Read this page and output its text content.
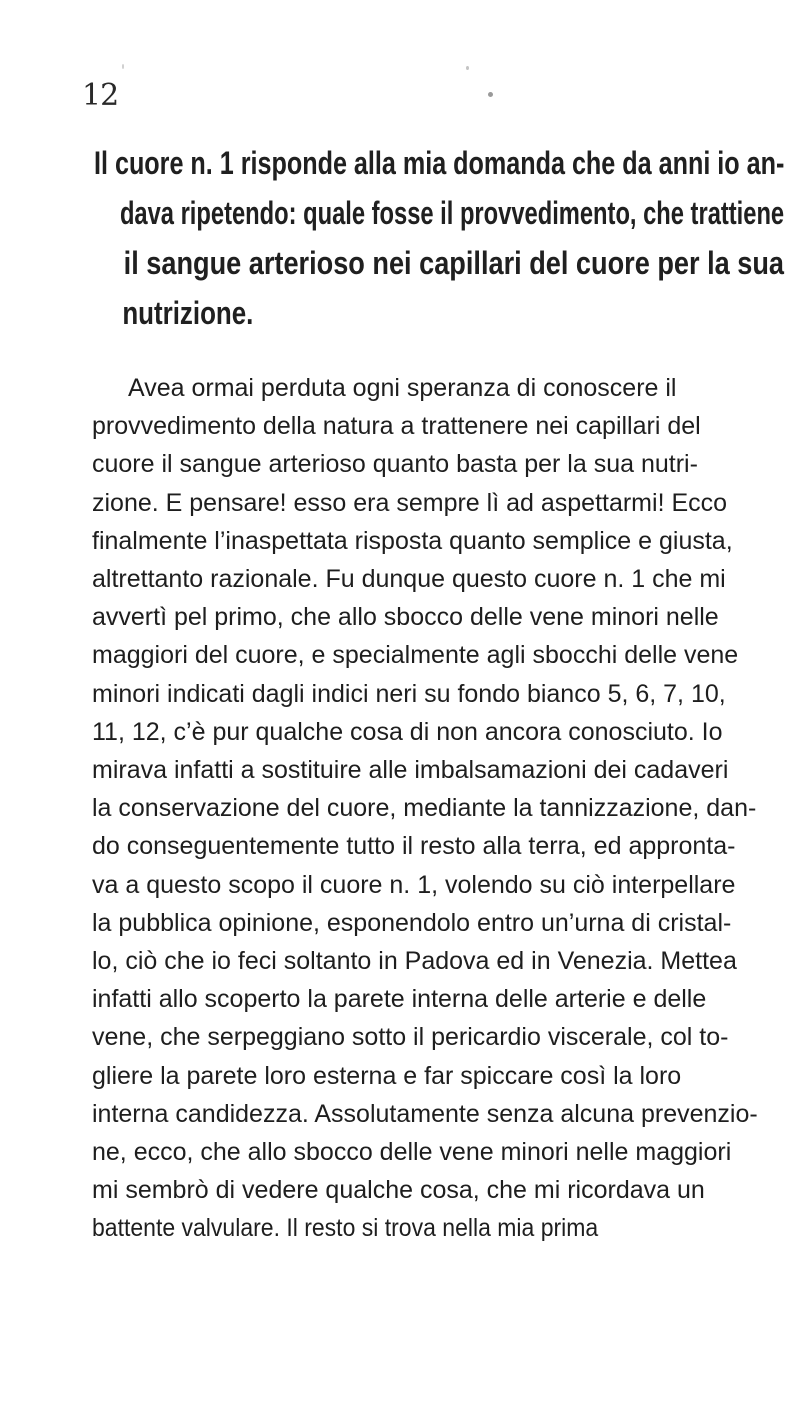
12
Il cuore n. 1 risponde alla mia domanda che da anni io an-
dava ripetendo: quale fosse il provvedimento, che trattiene
il sangue arterioso nei capillari del cuore per la sua
nutrizione.
Avea ormai perduta ogni speranza di conoscere il
provvedimento della natura a trattenere nei capillari del
cuore il sangue arterioso quanto basta per la sua nutri-
zione. E pensare! esso era sempre lì ad aspettarmi! Ecco
finalmente l’inaspettata risposta quanto semplice e giusta,
altrettanto razionale. Fu dunque questo cuore n. 1 che mi
avvertì pel primo, che allo sbocco delle vene minori nelle
maggiori del cuore, e specialmente agli sbocchi delle vene
minori indicati dagli indici neri su fondo bianco 5, 6, 7, 10,
11, 12, c’è pur qualche cosa di non ancora conosciuto. Io
mirava infatti a sostituire alle imbalsamazioni dei cadaveri
la conservazione del cuore, mediante la tannizzazione, dan-
do conseguentemente tutto il resto alla terra, ed appronta-
va a questo scopo il cuore n. 1, volendo su ciò interpellare
la pubblica opinione, esponendolo entro un’urna di cristal-
lo, ciò che io feci soltanto in Padova ed in Venezia. Mettea
infatti allo scoperto la parete interna delle arterie e delle
vene, che serpeggiano sotto il pericardio viscerale, col to-
gliere la parete loro esterna e far spiccare così la loro
interna candidezza. Assolutamente senza alcuna prevenzio-
ne, ecco, che allo sbocco delle vene minori nelle maggiori
mi sembrò di vedere qualche cosa, che mi ricordava un
battente valvulare. Il resto si trova nella mia prima
